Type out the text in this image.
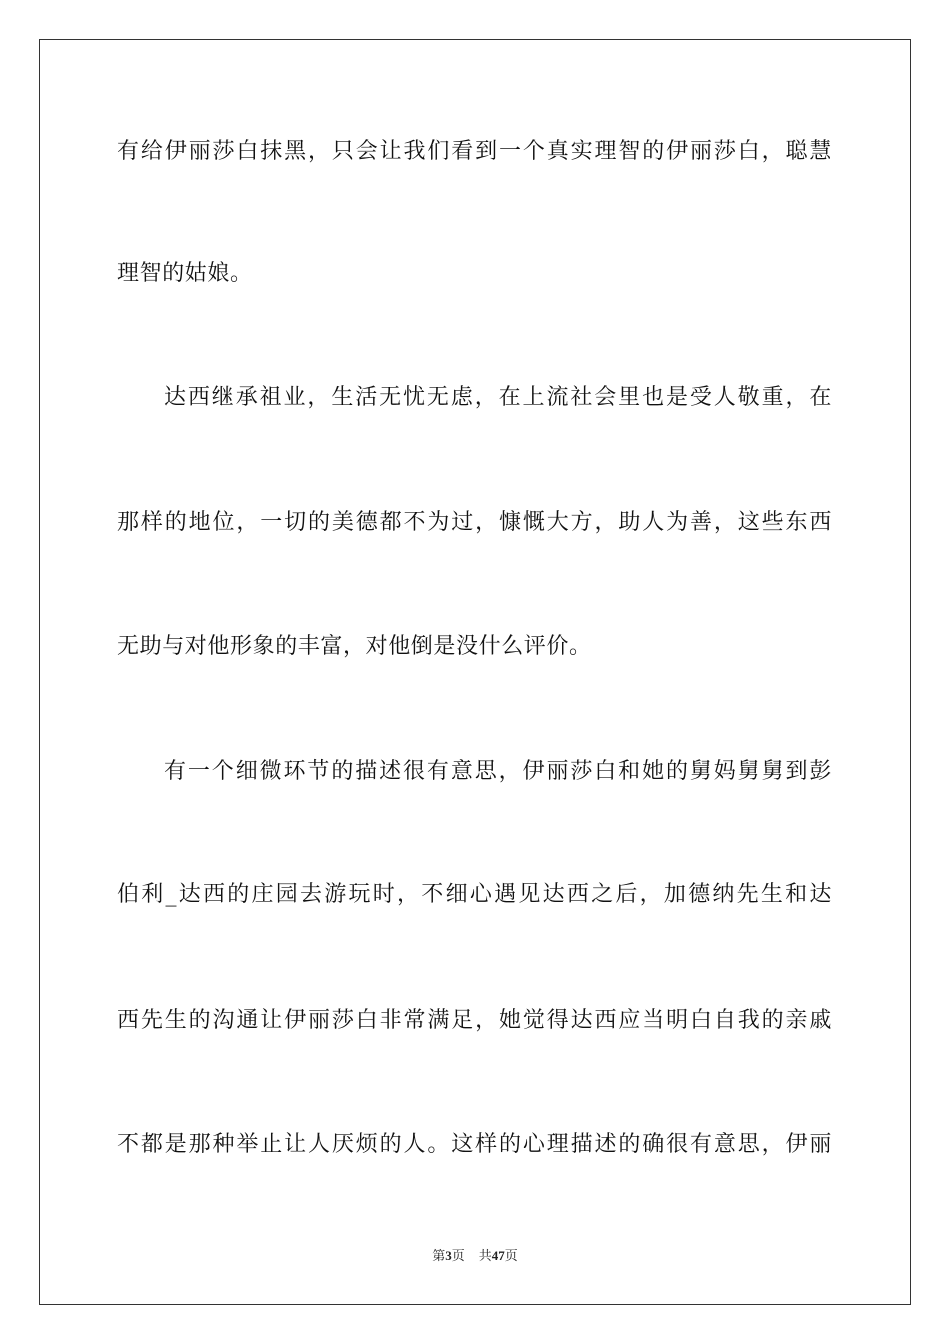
有给伊丽莎白抹黑，只会让我们看到一个真实理智的伊丽莎白，聪慧
理智的姑娘。
达西继承祖业，生活无忧无虑，在上流社会里也是受人敬重，在
那样的地位，一切的美德都不为过，慷慨大方，助人为善，这些东西
无助与对他形象的丰富，对他倒是没什么评价。
有一个细微环节的描述很有意思，伊丽莎白和她的舅妈舅舅到彭
伯利_达西的庄园去游玩时，不细心遇见达西之后，加德纳先生和达
西先生的沟通让伊丽莎白非常满足，她觉得达西应当明白自我的亲戚
不都是那种举止让人厌烦的人。这样的心理描述的确很有意思，伊丽
第3页 共47页
